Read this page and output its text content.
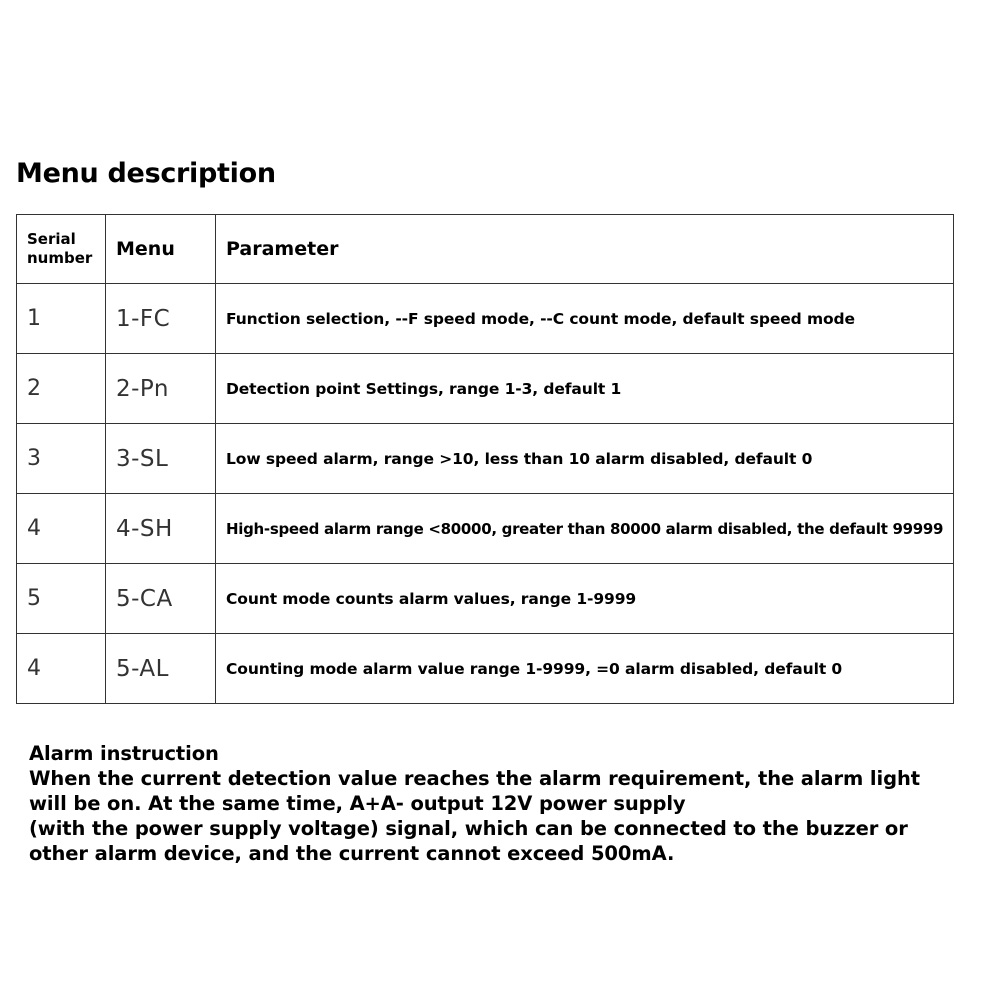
Menu description
Serial
number	Menu	Parameter
1	1-FC	Function selection, --F speed mode, --C count mode, default speed mode
2	2-Pn	Detection point Settings, range 1-3, default 1
3	3-SL	Low speed alarm, range >10, less than 10 alarm disabled, default 0
4	4-SH	High-speed alarm range <80000, greater than 80000 alarm disabled, the default 99999
5	5-CA	Count mode counts alarm values, range 1-9999
4	5-AL	Counting mode alarm value range 1-9999, =0 alarm disabled, default 0
Alarm instruction
When the current detection value reaches the alarm requirement, the alarm light
will be on. At the same time, A+A- output 12V power supply
(with the power supply voltage) signal, which can be connected to the buzzer or
other alarm device, and the current cannot exceed 500mA.
